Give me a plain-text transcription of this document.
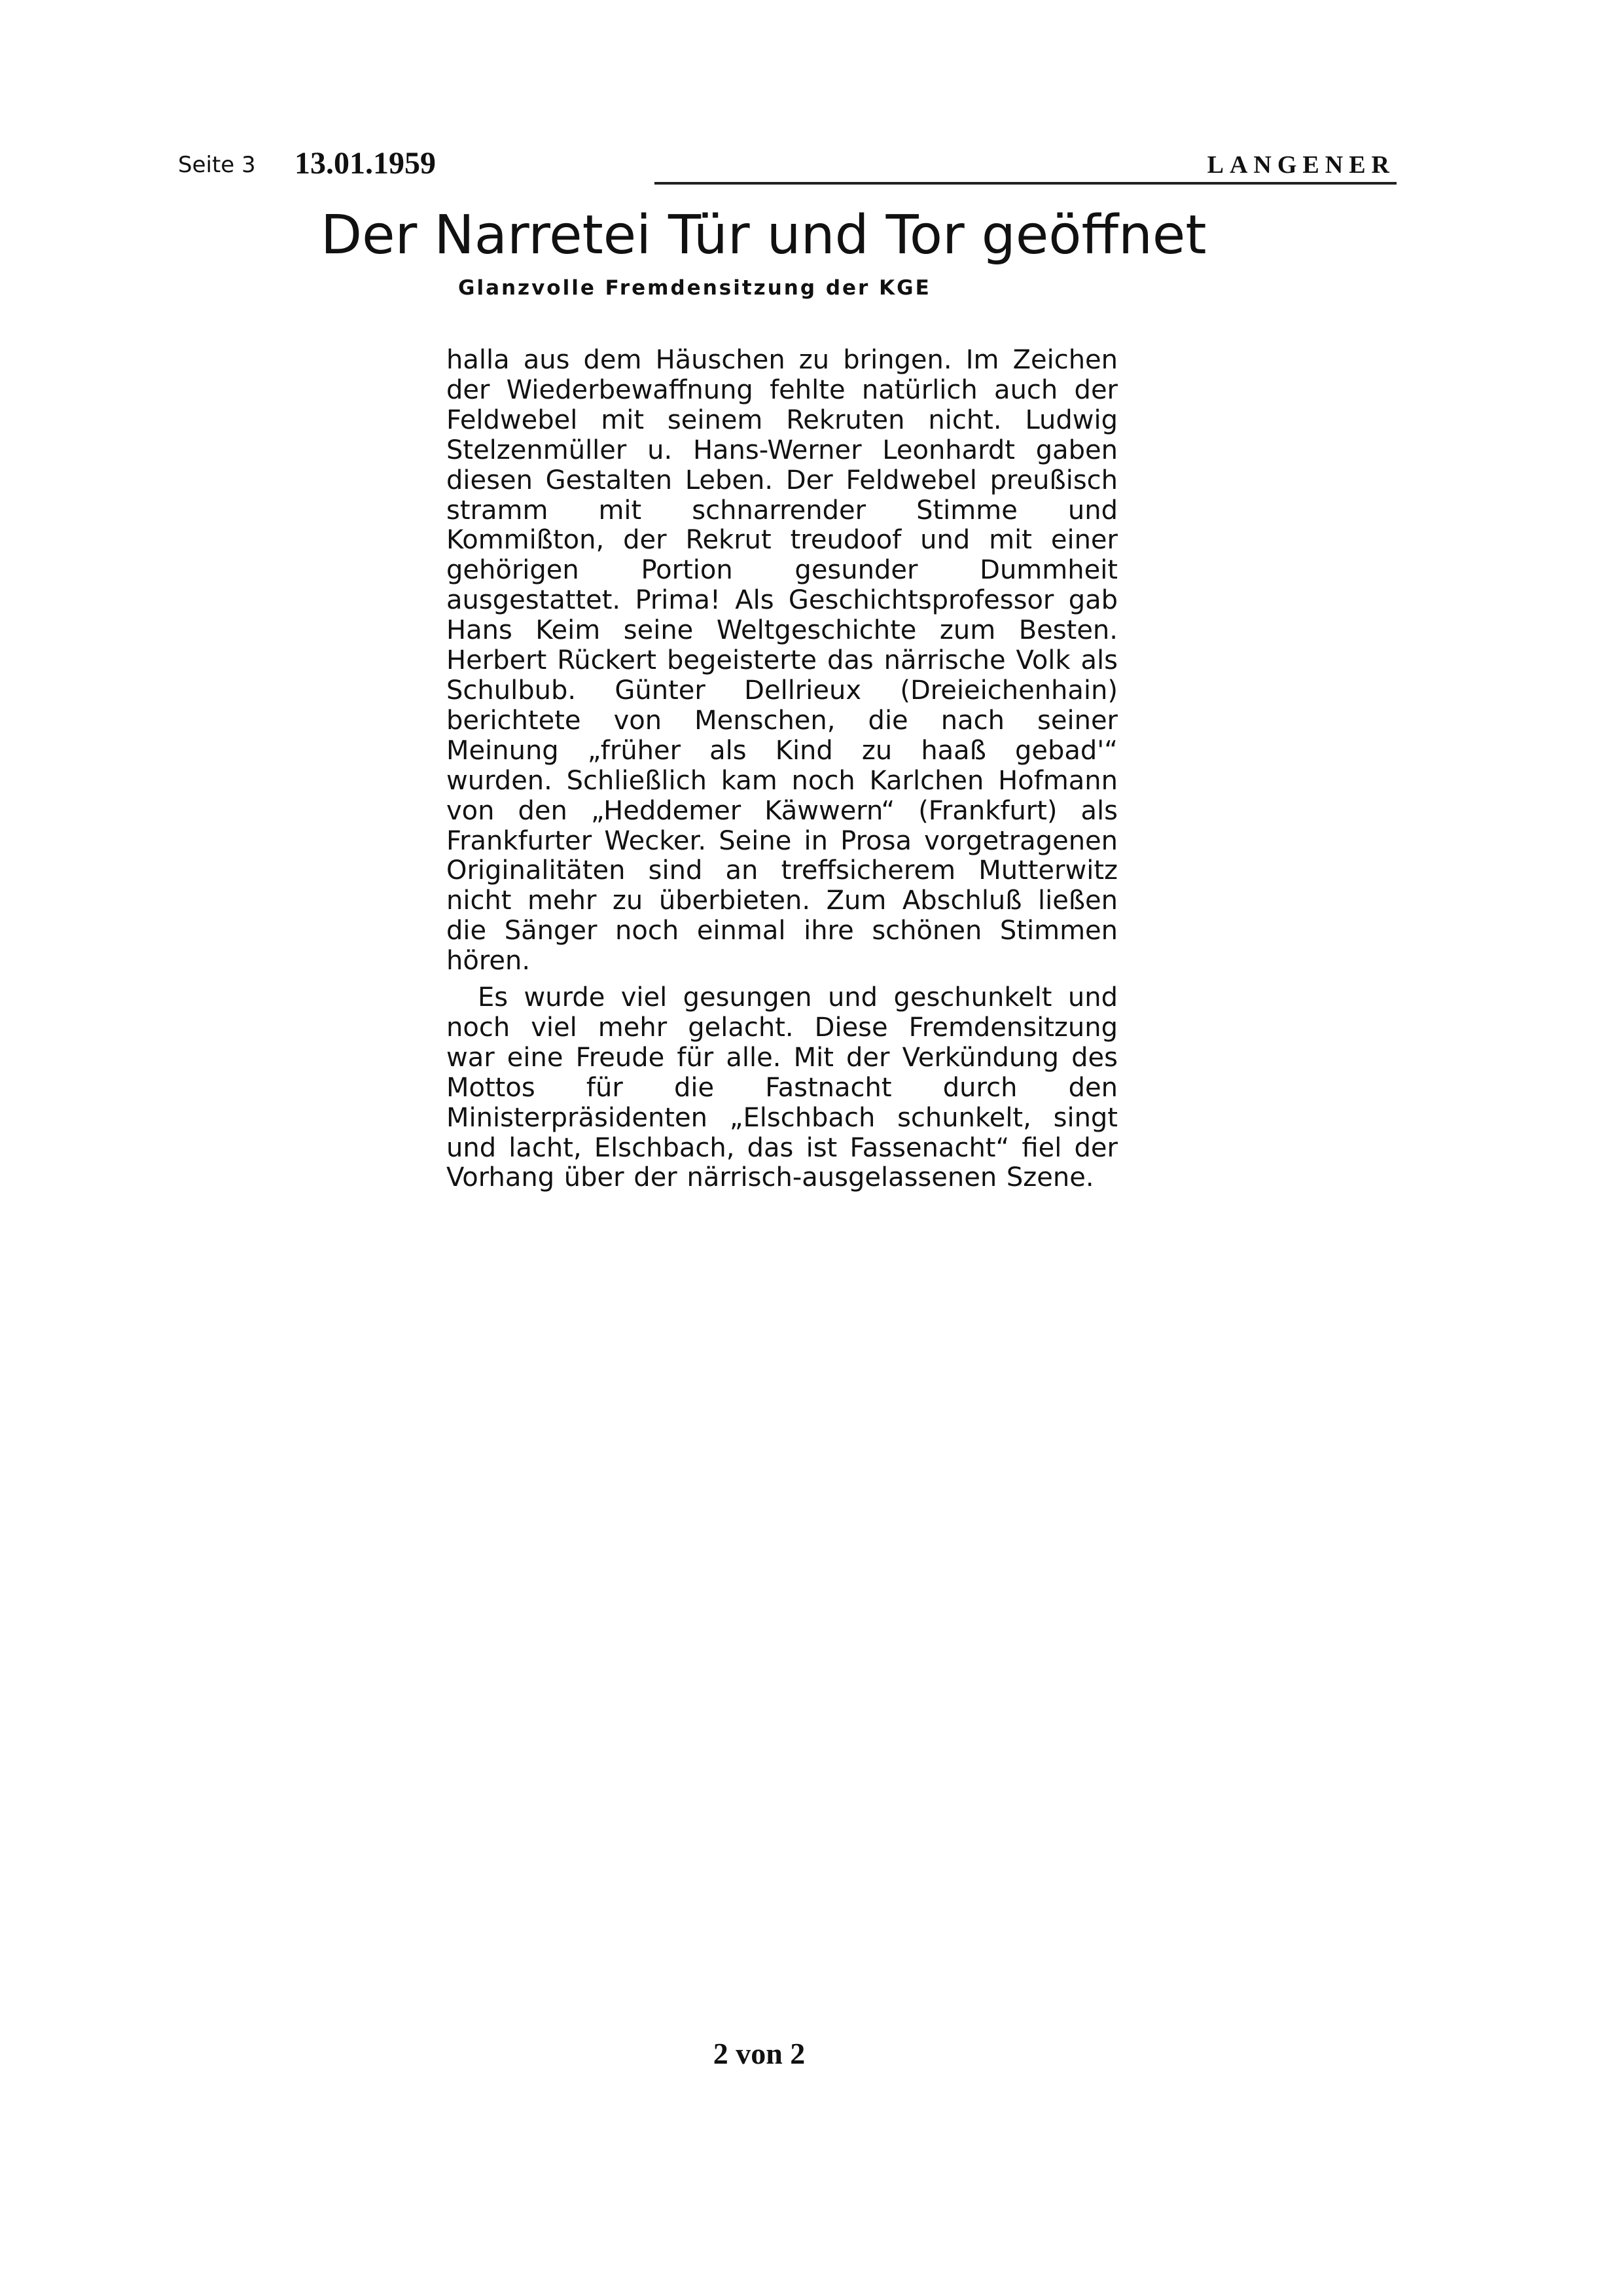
Seite 3 13.01.1959	LANGENER
Der Narretei Tür und Tor geöffnet
Glanzvolle Fremdensitzung der KGE

halla aus dem Häuschen zu bringen. Im Zeichen der Wiederbewaffnung fehlte natürlich auch der Feldwebel mit seinem Rekruten nicht. Ludwig Stelzenmüller u. Hans-Werner Leonhardt gaben diesen Gestalten Leben. Der Feldwebel preußisch stramm mit schnarrender Stimme und Kommißton, der Rekrut treudoof und mit einer gehörigen Portion gesunder Dummheit ausgestattet. Prima! Als Geschichtsprofessor gab Hans Keim seine Weltgeschichte zum Besten. Herbert Rückert begeisterte das närrische Volk als Schulbub. Günter Dellrieux (Dreieichenhain) berichtete von Menschen, die nach seiner Meinung „früher als Kind zu haaß gebad'“ wurden. Schließlich kam noch Karlchen Hofmann von den „Heddemer Käwwern“ (Frankfurt) als Frankfurter Wecker. Seine in Prosa vorgetragenen Originalitäten sind an treffsicherem Mutterwitz nicht mehr zu überbieten. Zum Abschluß ließen die Sänger noch einmal ihre schönen Stimmen hören.

Es wurde viel gesungen und geschunkelt und noch viel mehr gelacht. Diese Fremdensitzung war eine Freude für alle. Mit der Verkündung des Mottos für die Fastnacht durch den Ministerpräsidenten „Elschbach schunkelt, singt und lacht, Elschbach, das ist Fassenacht“ fiel der Vorhang über der närrisch-ausgelassenen Szene.

2 von 2
